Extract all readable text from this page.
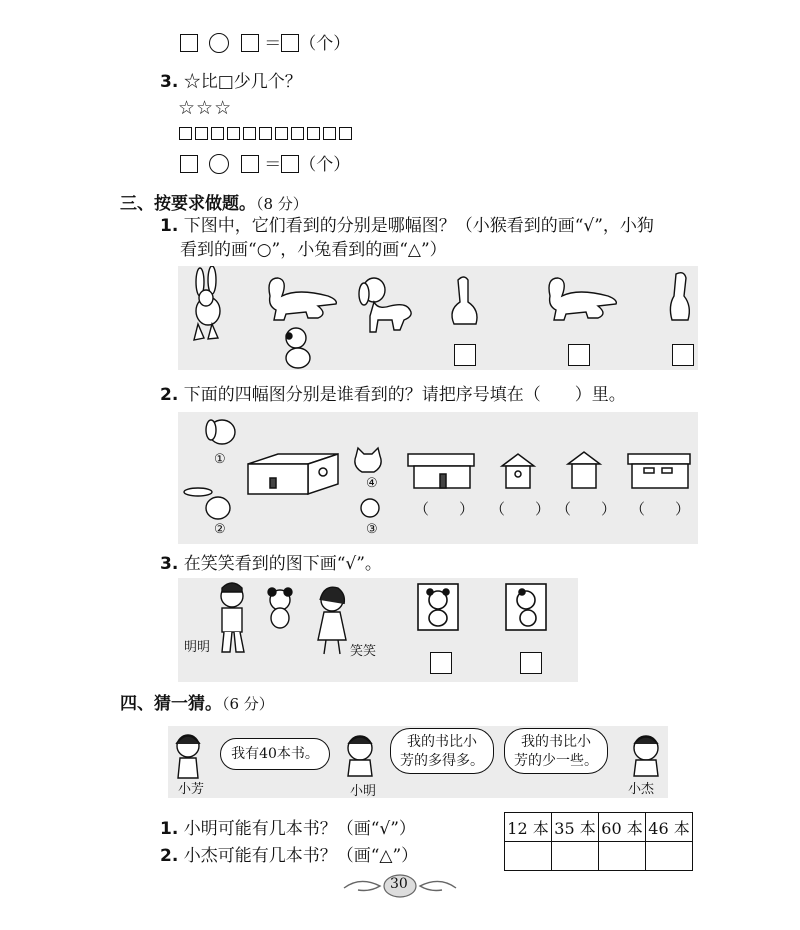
＝ （个）
3. ☆比□少几个？
☆☆☆
＝ （个）
三、按要求做题。（8 分）
1. 下图中，它们看到的分别是哪幅图？（小猴看到的画“√”，小狗
看到的画“○”，小兔看到的画“△”）
2. 下面的四幅图分别是谁看到的？请把序号填在（　　）里。
①
②	③
④
（　　） （　　） （　　） （　　）
3. 在笑笑看到的图下画“√”。
明明	笑笑
四、猜一猜。（6 分）
小芳	小明	小杰
我有40本书。
我的书比小
芳的多得多。
我的书比小
芳的少一些。
1. 小明可能有几本书？（画“√”）
2. 小杰可能有几本书？（画“△”）
12 本	35 本	60 本	46 本

30
